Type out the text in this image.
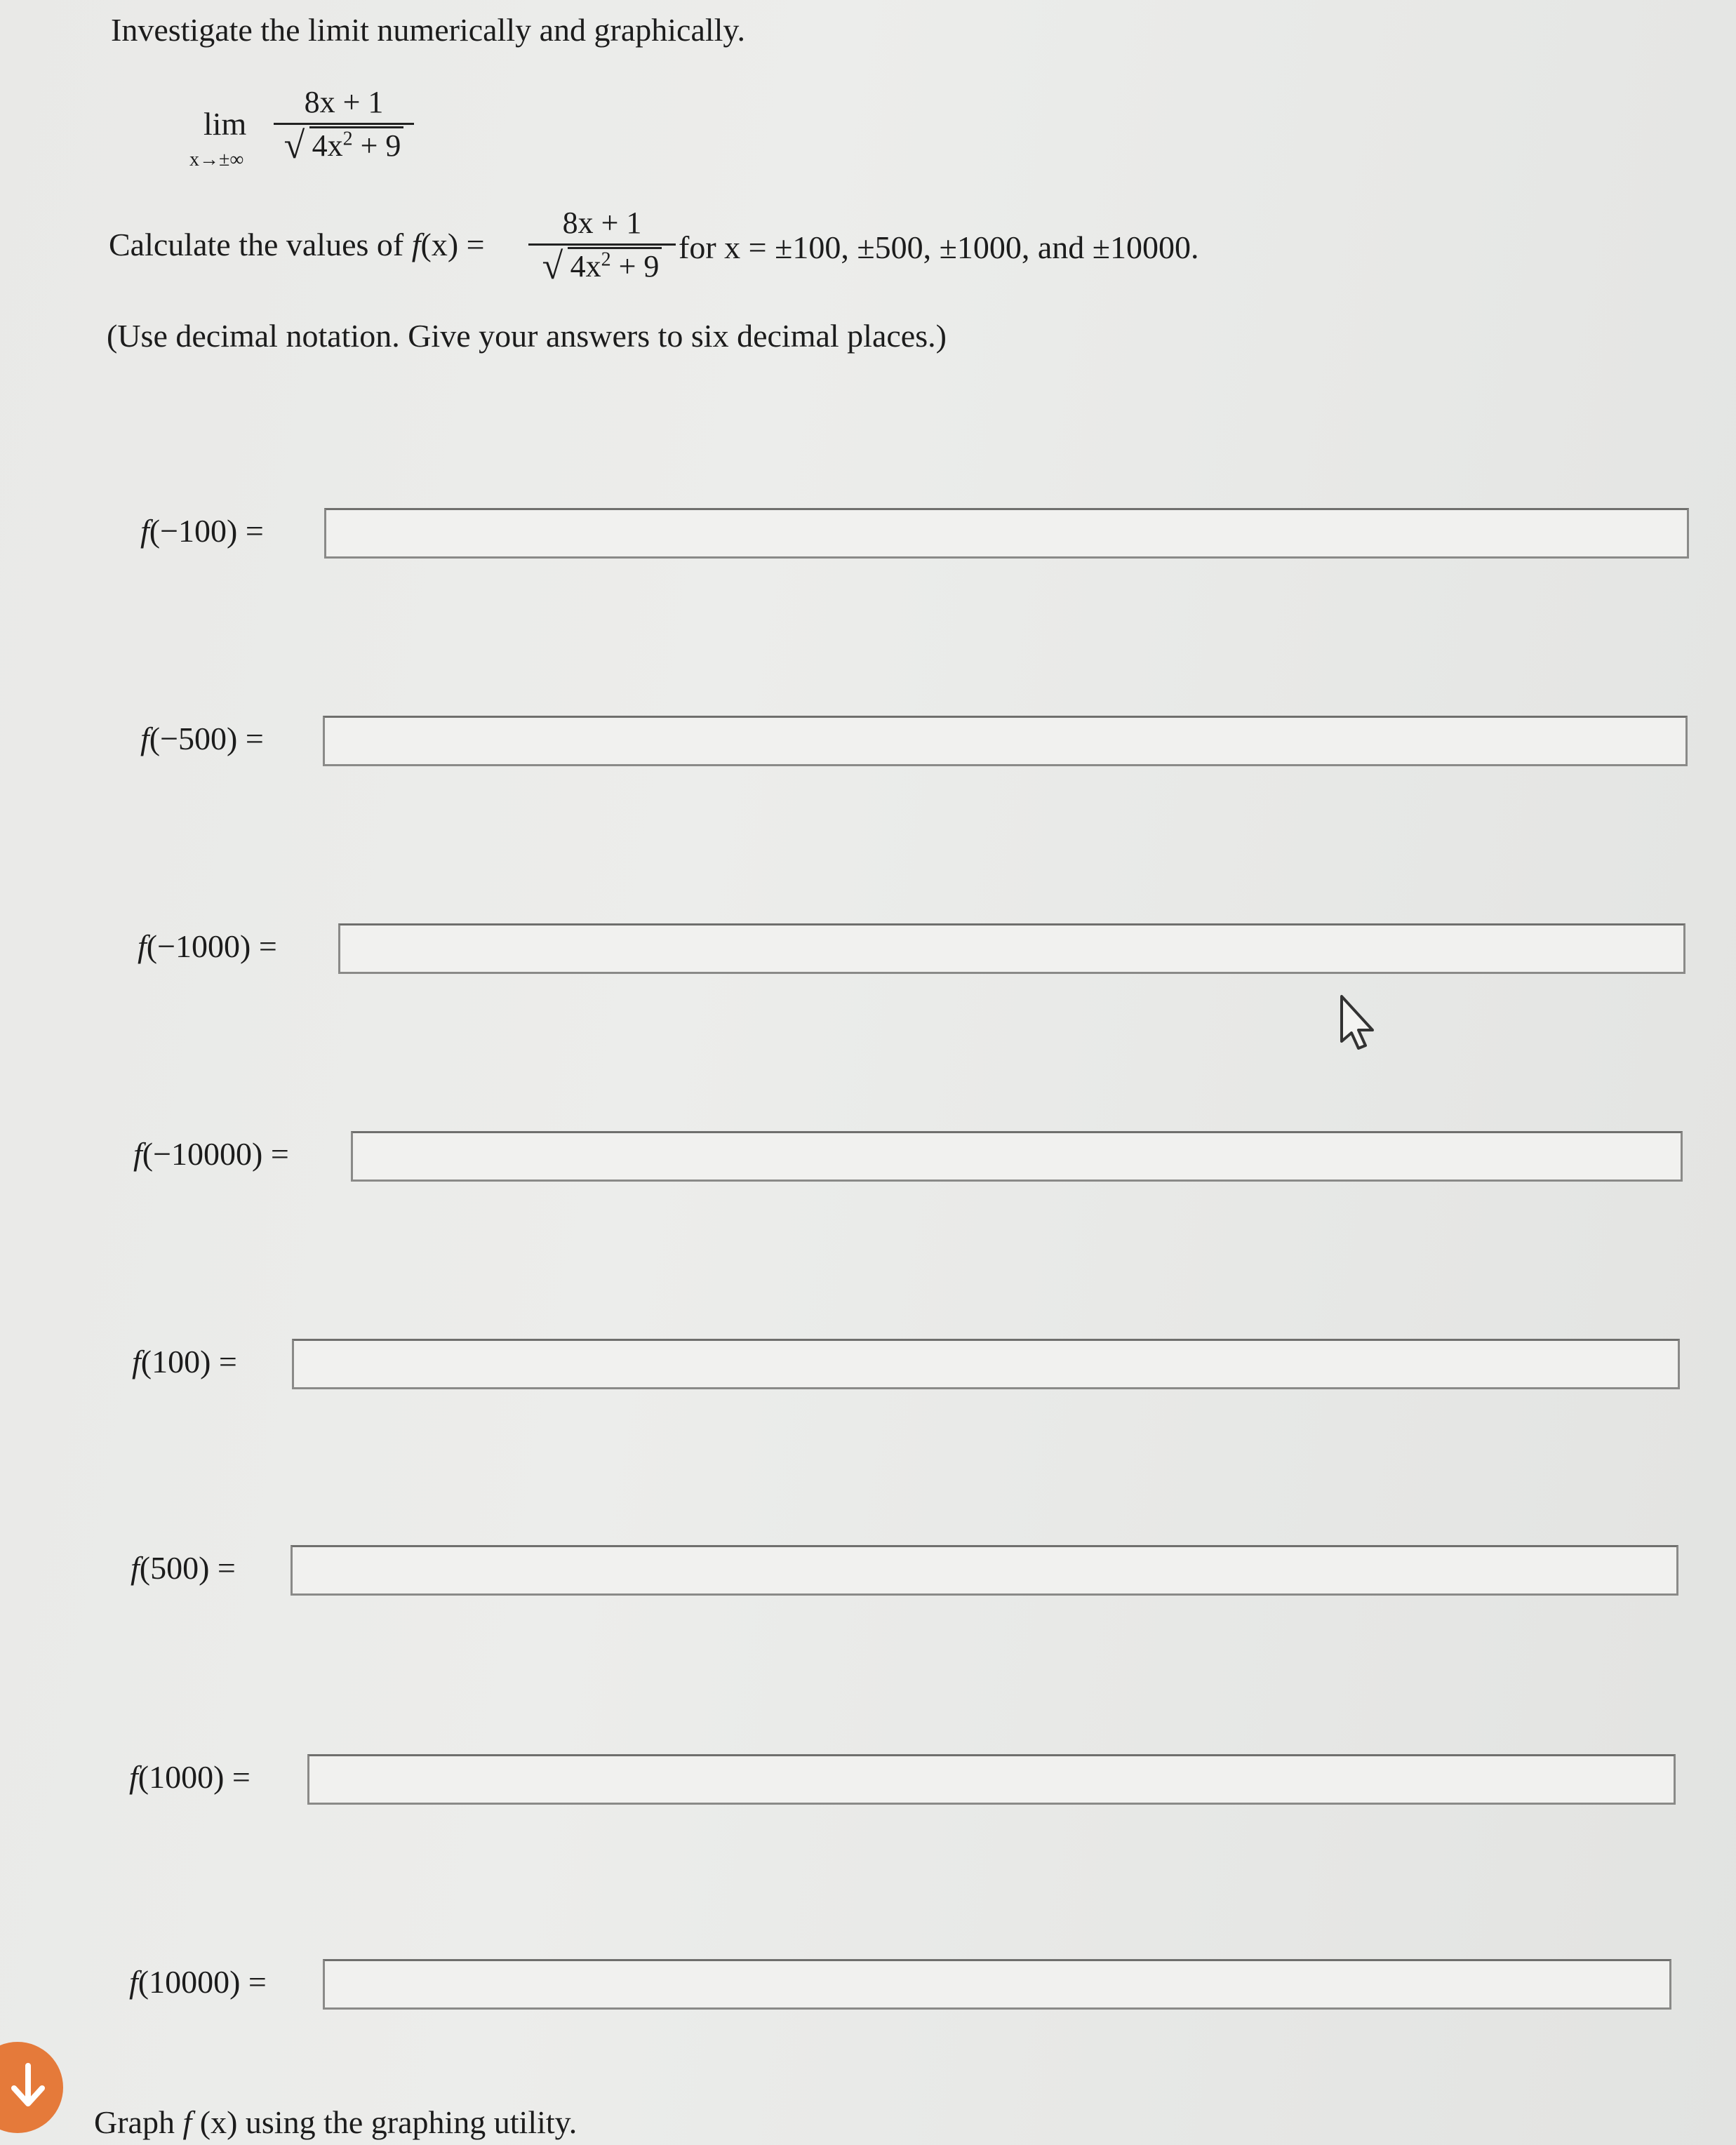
Investigate the limit numerically and graphically.
lim
x→±∞
8x + 1
√ $4x^2 + 9$
Calculate the values of f(x) =
8x + 1
√ $4x^2 + 9$
for x = ±100, ±500, ±1000, and ±10000.
(Use decimal notation. Give your answers to six decimal places.)
f(−100) =
f(−500) =
f(−1000) =
f(−10000) =
f(100) =
f(500) =
f(1000) =
f(10000) =
Graph f (x) using the graphing utility.
